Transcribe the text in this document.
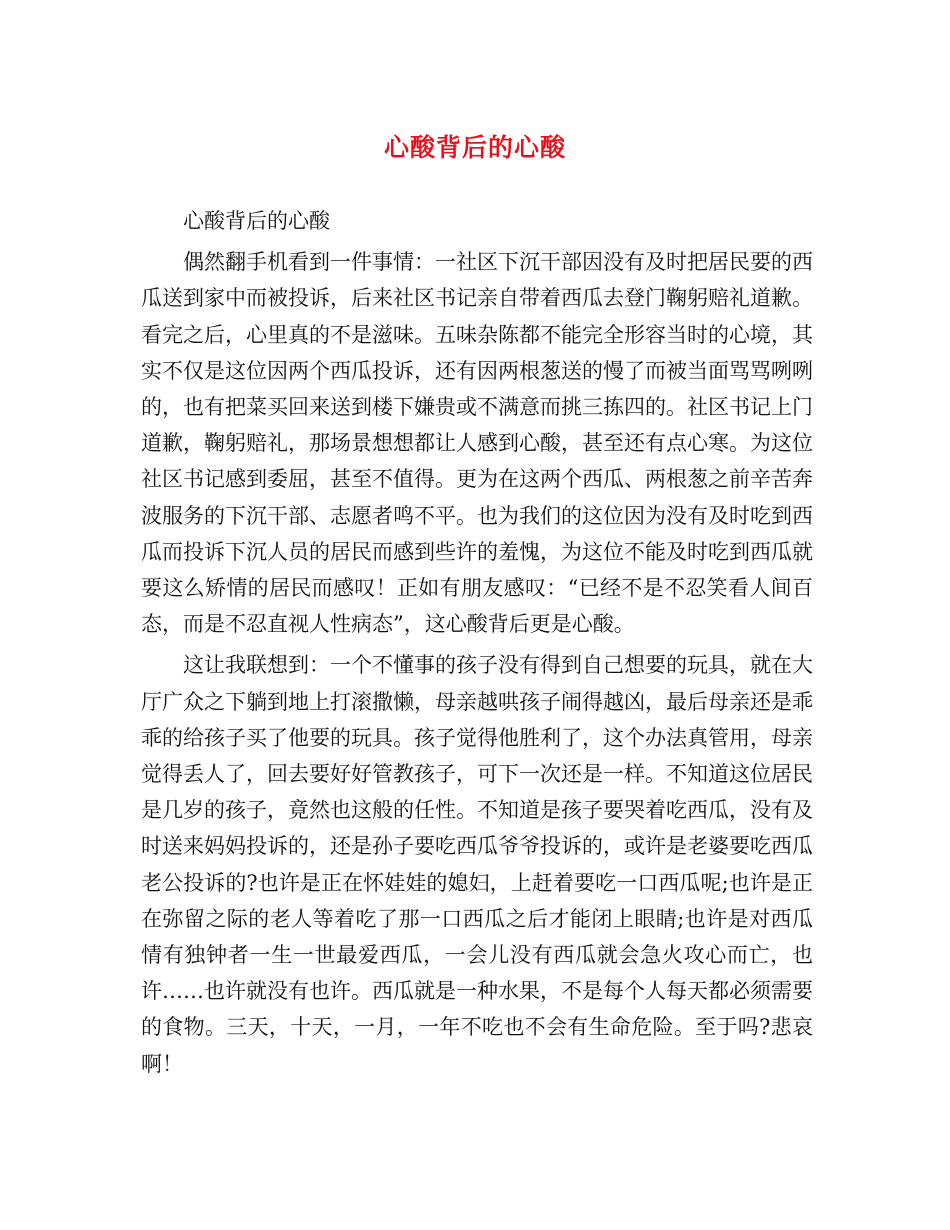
心酸背后的心酸

心酸背后的心酸

偶然翻手机看到一件事情：一社区下沉干部因没有及时把居民要的西瓜送到家中而被投诉，后来社区书记亲自带着西瓜去登门鞠躬赔礼道歉。看完之后，心里真的不是滋味。五味杂陈都不能完全形容当时的心境，其实不仅是这位因两个西瓜投诉，还有因两根葱送的慢了而被当面骂骂咧咧的，也有把菜买回来送到楼下嫌贵或不满意而挑三拣四的。社区书记上门道歉，鞠躬赔礼，那场景想想都让人感到心酸，甚至还有点心寒。为这位社区书记感到委屈，甚至不值得。更为在这两个西瓜、两根葱之前辛苦奔波服务的下沉干部、志愿者鸣不平。也为我们的这位因为没有及时吃到西瓜而投诉下沉人员的居民而感到些许的羞愧，为这位不能及时吃到西瓜就要这么矫情的居民而感叹！正如有朋友感叹：“已经不是不忍笑看人间百态，而是不忍直视人性病态”，这心酸背后更是心酸。

这让我联想到：一个不懂事的孩子没有得到自己想要的玩具，就在大厅广众之下躺到地上打滚撒懒，母亲越哄孩子闹得越凶，最后母亲还是乖乖的给孩子买了他要的玩具。孩子觉得他胜利了，这个办法真管用，母亲觉得丢人了，回去要好好管教孩子，可下一次还是一样。不知道这位居民是几岁的孩子，竟然也这般的任性。不知道是孩子要哭着吃西瓜，没有及时送来妈妈投诉的，还是孙子要吃西瓜爷爷投诉的，或许是老婆要吃西瓜老公投诉的?也许是正在怀娃娃的媳妇，上赶着要吃一口西瓜呢;也许是正在弥留之际的老人等着吃了那一口西瓜之后才能闭上眼睛;也许是对西瓜情有独钟者一生一世最爱西瓜，一会儿没有西瓜就会急火攻心而亡，也许……也许就没有也许。西瓜就是一种水果，不是每个人每天都必须需要的食物。三天，十天，一月，一年不吃也不会有生命危险。至于吗?悲哀啊！
